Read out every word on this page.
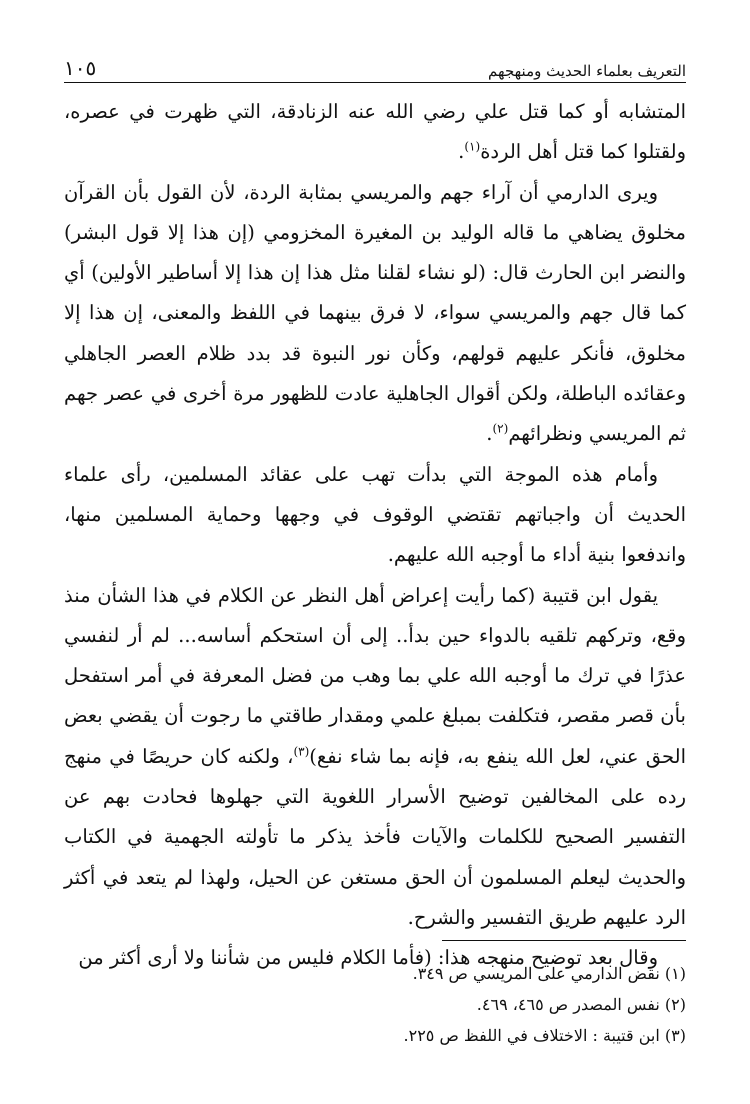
التعريف بعلماء الحديث ومنهجهم
١٠٥

المتشابه أو كما قتل علي رضي الله عنه الزنادقة، التي ظهرت في عصره، ولقتلوا كما قتل أهل الردة$^{(١)}$.

ويرى الدارمي أن آراء جهم والمريسي بمثابة الردة، لأن القول بأن القرآن مخلوق يضاهي ما قاله الوليد بن المغيرة المخزومي (إن هذا إلا قول البشر) والنضر ابن الحارث قال: (لو نشاء لقلنا مثل هذا إن هذا إلا أساطير الأولين) أي كما قال جهم والمريسي سواء، لا فرق بينهما في اللفظ والمعنى، إن هذا إلا مخلوق، فأنكر عليهم قولهم، وكأن نور النبوة قد بدد ظلام العصر الجاهلي وعقائده الباطلة، ولكن أقوال الجاهلية عادت للظهور مرة أخرى في عصر جهم ثم المريسي ونظرائهم$^{(٢)}$.

وأمام هذه الموجة التي بدأت تهب على عقائد المسلمين، رأى علماء الحديث أن واجباتهم تقتضي الوقوف في وجهها وحماية المسلمين منها، واندفعوا بنية أداء ما أوجبه الله عليهم.

يقول ابن قتيبة (كما رأيت إعراض أهل النظر عن الكلام في هذا الشأن منذ وقع، وتركهم تلقيه بالدواء حين بدأ.. إلى أن استحكم أساسه... لم أر لنفسي عذرًا في ترك ما أوجبه الله علي بما وهب من فضل المعرفة في أمر استفحل بأن قصر مقصر، فتكلفت بمبلغ علمي ومقدار طاقتي ما رجوت أن يقضي بعض الحق عني، لعل الله ينفع به، فإنه بما شاء نفع)$^{(٣)}$، ولكنه كان حريصًا في منهج رده على المخالفين توضيح الأسرار اللغوية التي جهلوها فحادت بهم عن التفسير الصحيح للكلمات والآيات فأخذ يذكر ما تأولته الجهمية في الكتاب والحديث ليعلم المسلمون أن الحق مستغن عن الحيل، ولهذا لم يتعد في أكثر الرد عليهم طريق التفسير والشرح.

وقال بعد توضيح منهجه هذا: (فأما الكلام فليس من شأننا ولا أرى أكثر من

(١) نقض الدارمي على المريسي ص ٣٤٩.
(٢) نفس المصدر ص ٤٦٥، ٤٦٩.
(٣) ابن قتيبة : الاختلاف في اللفظ ص ٢٢٥.
